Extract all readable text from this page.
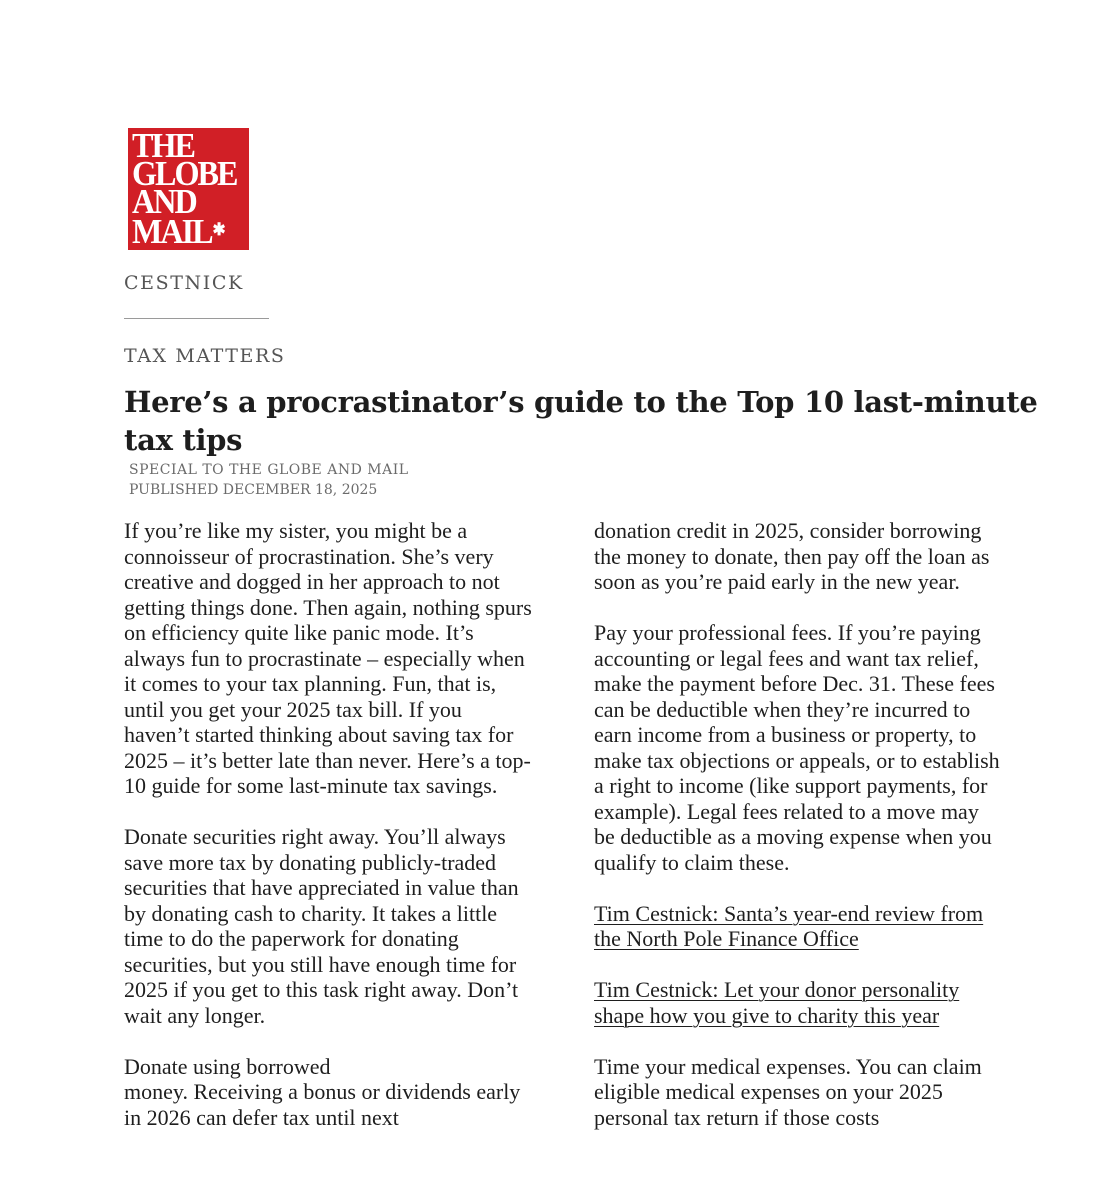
THE
GLOBE
AND
MAIL✱
CESTNICK
TAX MATTERS
Here’s a procrastinator’s guide to the Top 10 last-minute tax tips
SPECIAL TO THE GLOBE AND MAIL
PUBLISHED DECEMBER 18, 2025

If you’re like my sister, you might be a connoisseur of procrastination. She’s very creative and dogged in her approach to not getting things done. Then again, nothing spurs on efficiency quite like panic mode. It’s always fun to procrastinate – especially when it comes to your tax planning. Fun, that is, until you get your 2025 tax bill. If you haven’t started thinking about saving tax for 2025 – it’s better late than never. Here’s a top-10 guide for some last-minute tax savings.

Donate securities right away. You’ll always save more tax by donating publicly-traded securities that have appreciated in value than by donating cash to charity. It takes a little time to do the paperwork for donating securities, but you still have enough time for 2025 if you get to this task right away. Don’t wait any longer.

Donate using borrowed
money. Receiving a bonus or dividends early in 2026 can defer tax until next

donation credit in 2025, consider borrowing the money to donate, then pay off the loan as soon as you’re paid early in the new year.

Pay your professional fees. If you’re paying accounting or legal fees and want tax relief, make the payment before Dec. 31. These fees can be deductible when they’re incurred to earn income from a business or property, to make tax objections or appeals, or to establish a right to income (like support payments, for example). Legal fees related to a move may be deductible as a moving expense when you qualify to claim these.

Tim Cestnick: Santa’s year-end review from the North Pole Finance Office

Tim Cestnick: Let your donor personality shape how you give to charity this year

Time your medical expenses. You can claim eligible medical expenses on your 2025 personal tax return if those costs
